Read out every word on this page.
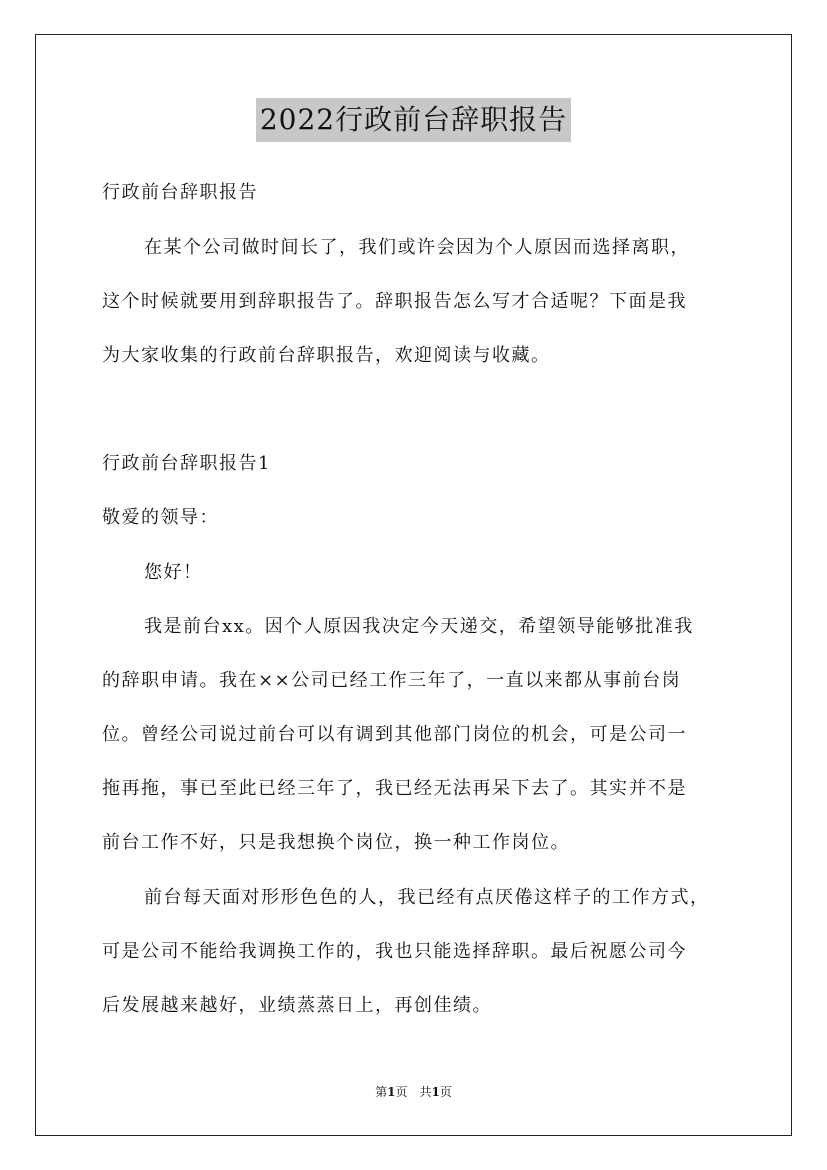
2022行政前台辞职报告
行政前台辞职报告
在某个公司做时间长了，我们或许会因为个人原因而选择离职，
这个时候就要用到辞职报告了。辞职报告怎么写才合适呢？下面是我
为大家收集的行政前台辞职报告，欢迎阅读与收藏。
行政前台辞职报告1
敬爱的领导：
您好！
我是前台xx。因个人原因我决定今天递交，希望领导能够批准我
的辞职申请。我在××公司已经工作三年了，一直以来都从事前台岗
位。曾经公司说过前台可以有调到其他部门岗位的机会，可是公司一
拖再拖，事已至此已经三年了，我已经无法再呆下去了。其实并不是
前台工作不好，只是我想换个岗位，换一种工作岗位。
前台每天面对形形色色的人，我已经有点厌倦这样子的工作方式，
可是公司不能给我调换工作的，我也只能选择辞职。最后祝愿公司今
后发展越来越好，业绩蒸蒸日上，再创佳绩。
第1页　共1页
